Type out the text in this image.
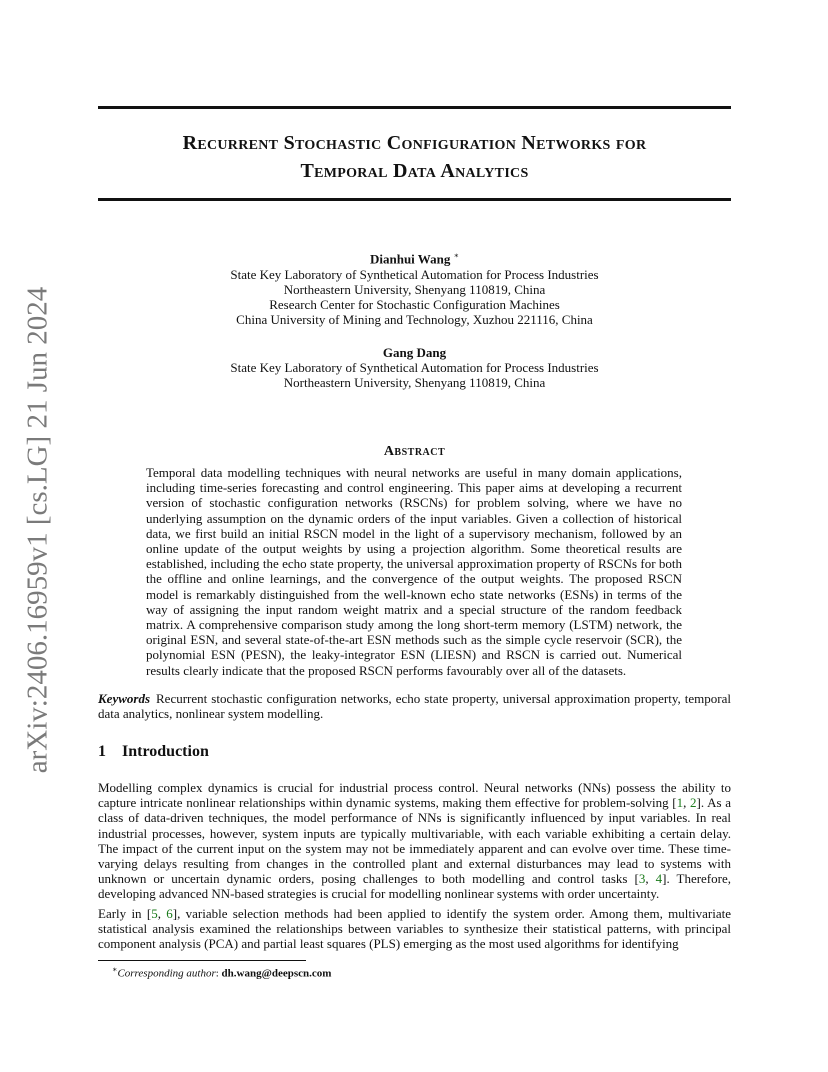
arXiv:2406.16959v1 [cs.LG] 21 Jun 2024
Recurrent Stochastic Configuration Networks for
Temporal Data Analytics
Dianhui Wang ∗
State Key Laboratory of Synthetical Automation for Process Industries
Northeastern University, Shenyang 110819, China
Research Center for Stochastic Configuration Machines
China University of Mining and Technology, Xuzhou 221116, China
Gang Dang
State Key Laboratory of Synthetical Automation for Process Industries
Northeastern University, Shenyang 110819, China
Abstract
Temporal data modelling techniques with neural networks are useful in many domain applications, including time-series forecasting and control engineering. This paper aims at developing a recurrent version of stochastic configuration networks (RSCNs) for problem solving, where we have no underlying assumption on the dynamic orders of the input variables. Given a collection of historical data, we first build an initial RSCN model in the light of a supervisory mechanism, followed by an online update of the output weights by using a projection algorithm. Some theoretical results are established, including the echo state property, the universal approximation property of RSCNs for both the offline and online learnings, and the convergence of the output weights. The proposed RSCN model is remarkably distinguished from the well-known echo state networks (ESNs) in terms of the way of assigning the input random weight matrix and a special structure of the random feedback matrix. A comprehensive comparison study among the long short-term memory (LSTM) network, the original ESN, and several state-of-the-art ESN methods such as the simple cycle reservoir (SCR), the polynomial ESN (PESN), the leaky-integrator ESN (LIESN) and RSCN is carried out. Numerical results clearly indicate that the proposed RSCN performs favourably over all of the datasets.
Keywords Recurrent stochastic configuration networks, echo state property, universal approximation property, temporal data analytics, nonlinear system modelling.
1 Introduction
Modelling complex dynamics is crucial for industrial process control. Neural networks (NNs) possess the ability to capture intricate nonlinear relationships within dynamic systems, making them effective for problem-solving [1, 2]. As a class of data-driven techniques, the model performance of NNs is significantly influenced by input variables. In real industrial processes, however, system inputs are typically multivariable, with each variable exhibiting a certain delay. The impact of the current input on the system may not be immediately apparent and can evolve over time. These time-varying delays resulting from changes in the controlled plant and external disturbances may lead to systems with unknown or uncertain dynamic orders, posing challenges to both modelling and control tasks [3, 4]. Therefore, developing advanced NN-based strategies is crucial for modelling nonlinear systems with order uncertainty.
Early in [5, 6], variable selection methods had been applied to identify the system order. Among them, multivariate statistical analysis examined the relationships between variables to synthesize their statistical patterns, with principal component analysis (PCA) and partial least squares (PLS) emerging as the most used algorithms for identifying
∗Corresponding author: dh.wang@deepscn.com
